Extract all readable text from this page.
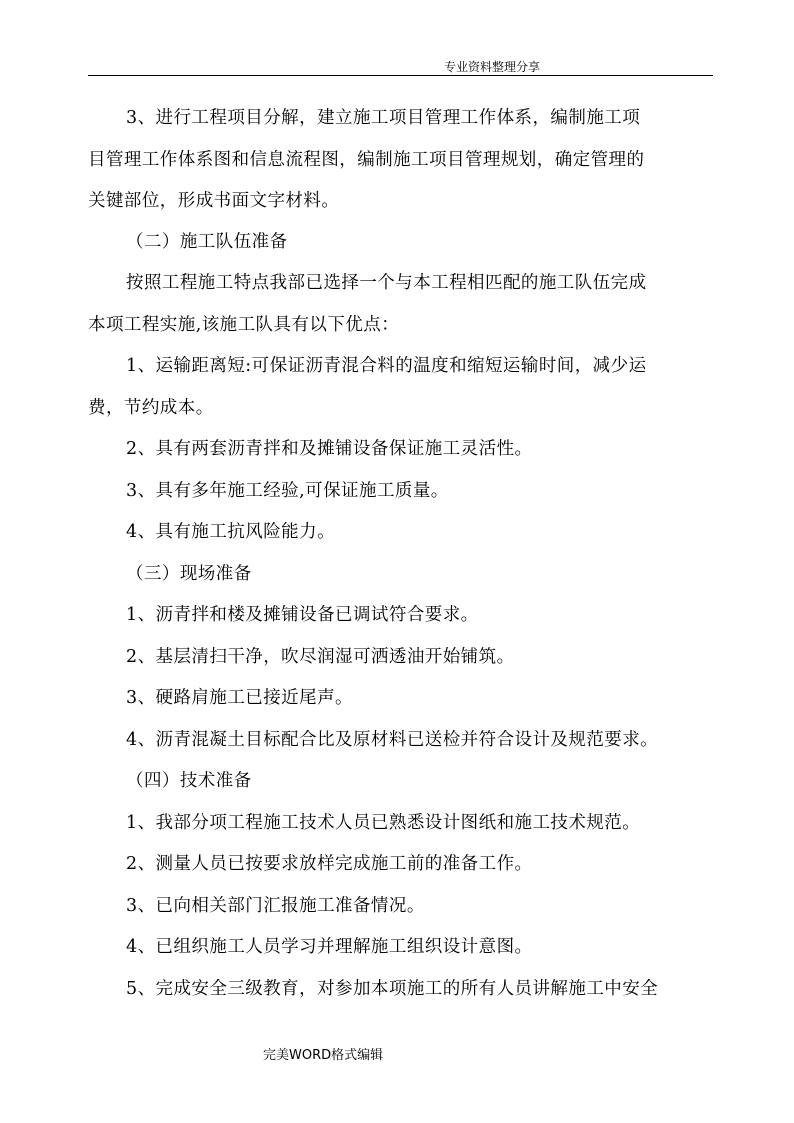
专业资料整理分享
3、进行工程项目分解，建立施工项目管理工作体系，编制施工项
目管理工作体系图和信息流程图，编制施工项目管理规划，确定管理的
关键部位，形成书面文字材料。
（二）施工队伍准备
按照工程施工特点我部已选择一个与本工程相匹配的施工队伍完成
本项工程实施,该施工队具有以下优点：
1、运输距离短:可保证沥青混合料的温度和缩短运输时间，减少运
费，节约成本。
2、具有两套沥青拌和及摊铺设备保证施工灵活性。
3、具有多年施工经验,可保证施工质量。
4、具有施工抗风险能力。
（三）现场准备
1、沥青拌和楼及摊铺设备已调试符合要求。
2、基层清扫干净，吹尽润湿可洒透油开始铺筑。
3、硬路肩施工已接近尾声。
4、沥青混凝土目标配合比及原材料已送检并符合设计及规范要求。
（四）技术准备
1、我部分项工程施工技术人员已熟悉设计图纸和施工技术规范。
2、测量人员已按要求放样完成施工前的准备工作。
3、已向相关部门汇报施工准备情况。
4、已组织施工人员学习并理解施工组织设计意图。
5、完成安全三级教育，对参加本项施工的所有人员讲解施工中安全
完美WORD格式编辑
